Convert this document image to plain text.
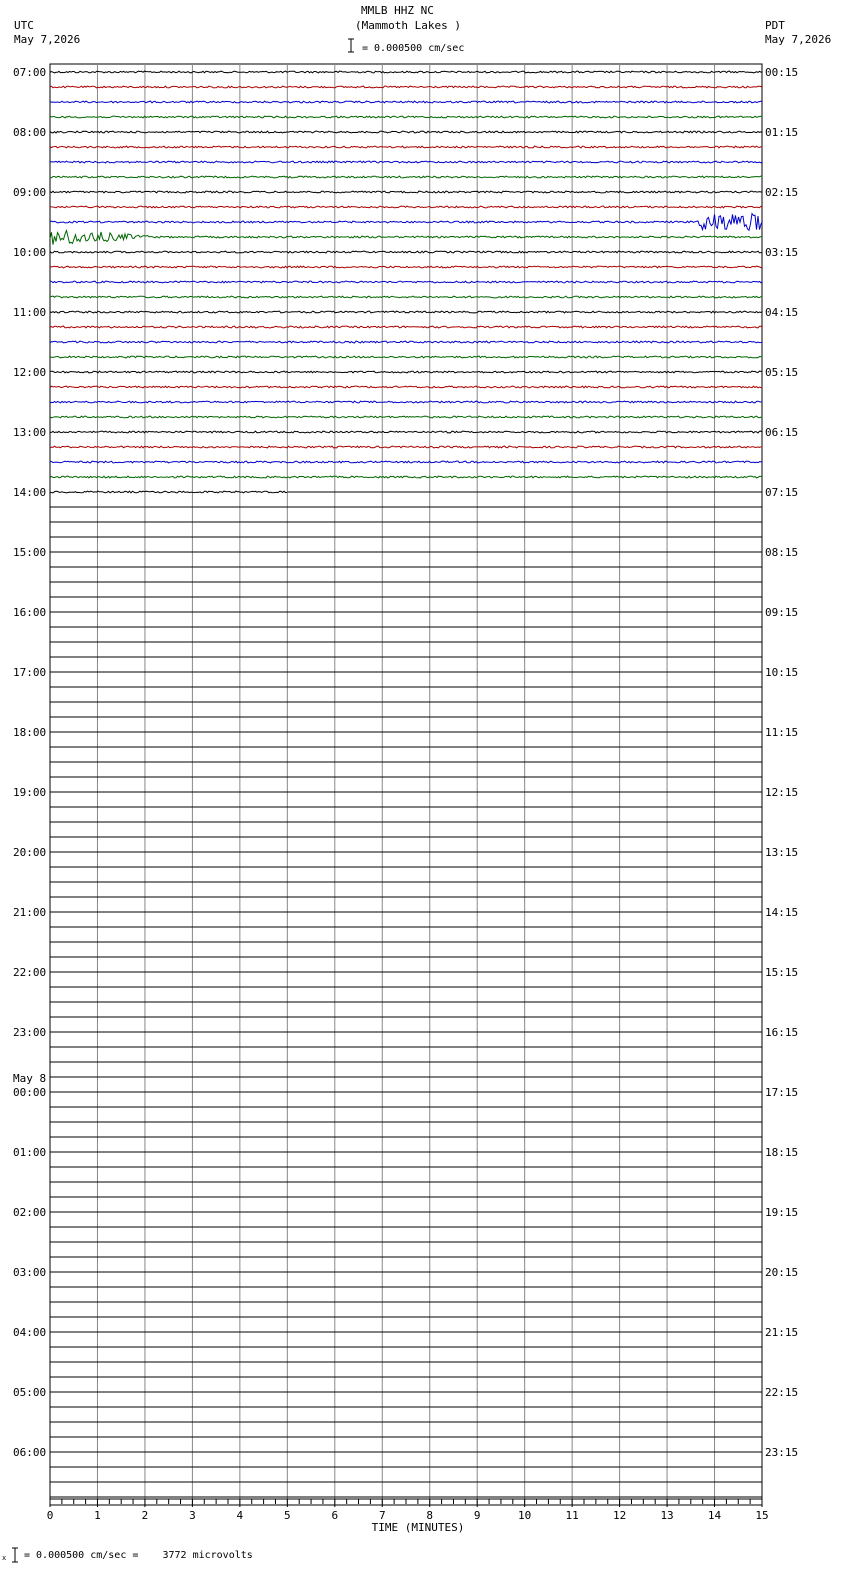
MMLB HHZ NC
(Mammoth Lakes )

= 0.000500 cm/sec

UTC
May 7,2026
PDT
May 7,2026
07:00
08:00
09:00
10:00
11:00
12:00
13:00
14:00
15:00
16:00
17:00
18:00
19:00
20:00
21:00
22:00
23:00
00:00
01:00
02:00
03:00
04:00
05:00
06:00
00:15
01:15
02:15
03:15
04:15
05:15
06:15
07:15
08:15
09:15
10:15
11:15
12:15
13:15
14:15
15:15
16:15
17:15
18:15
19:15
20:15
21:15
22:15
23:15
May 8
0	1	2	3	4	5	6	7	8	9	10	11	12	13	14	15
TIME (MINUTES)

x

= 0.000500 cm/sec =    3772 microvolts
